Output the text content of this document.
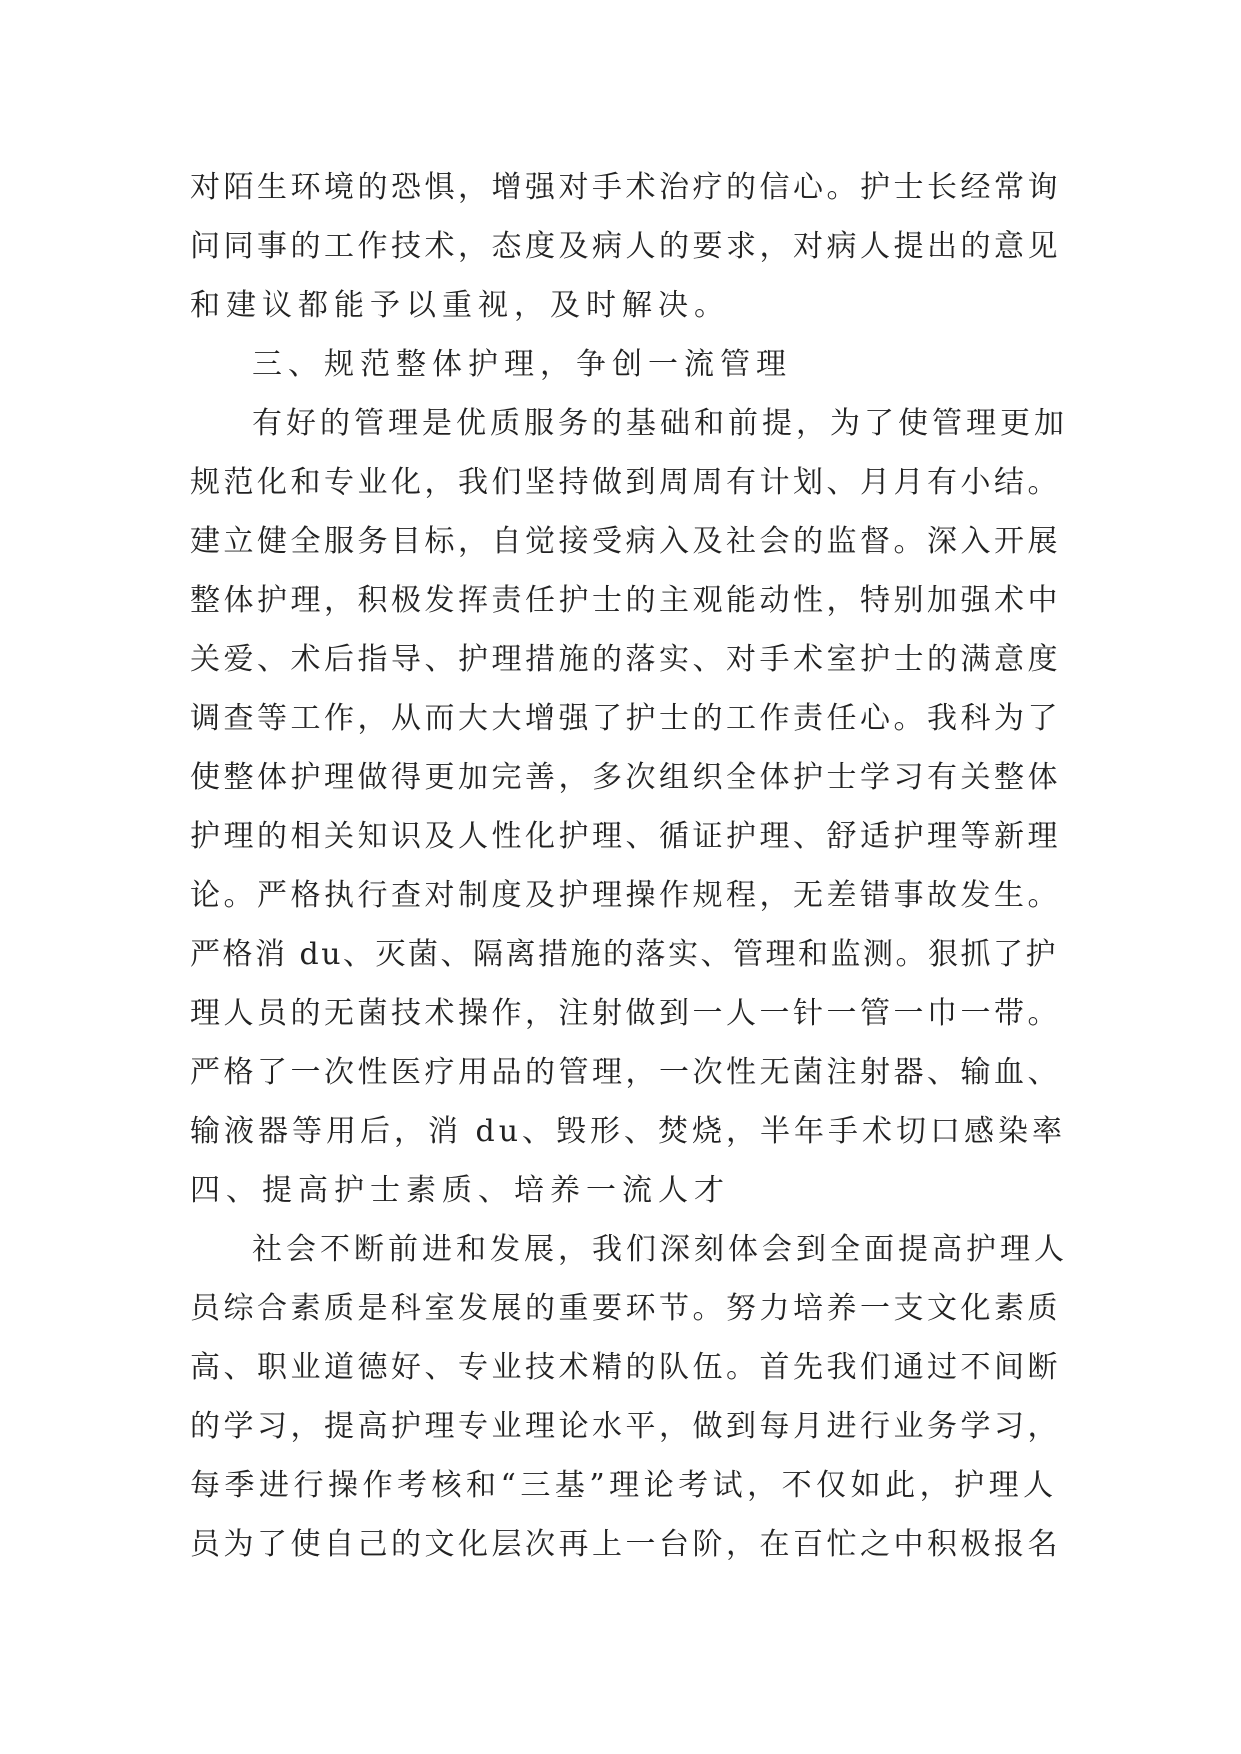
对陌生环境的恐惧，增强对手术治疗的信心。护士长经常询
问同事的工作技术，态度及病人的要求，对病人提出的意见
和建议都能予以重视，及时解决。
三、规范整体护理，争创一流管理
有好的管理是优质服务的基础和前提，为了使管理更加
规范化和专业化，我们坚持做到周周有计划、月月有小结。
建立健全服务目标，自觉接受病入及社会的监督。深入开展
整体护理，积极发挥责任护士的主观能动性，特别加强术中
关爱、术后指导、护理措施的落实、对手术室护士的满意度
调查等工作，从而大大增强了护士的工作责任心。我科为了
使整体护理做得更加完善，多次组织全体护士学习有关整体
护理的相关知识及人性化护理、循证护理、舒适护理等新理
论。严格执行查对制度及护理操作规程，无差错事故发生。
严格消 du、灭菌、隔离措施的落实、管理和监测。狠抓了护
理人员的无菌技术操作，注射做到一人一针一管一巾一带。
严格了一次性医疗用品的管理，一次性无菌注射器、输血、
输液器等用后，消 du、毁形、焚烧，半年手术切口感染率
四、提高护士素质、培养一流人才
社会不断前进和发展，我们深刻体会到全面提高护理人
员综合素质是科室发展的重要环节。努力培养一支文化素质
高、职业道德好、专业技术精的队伍。首先我们通过不间断
的学习，提高护理专业理论水平，做到每月进行业务学习，
每季进行操作考核和“三基”理论考试，不仅如此，护理人
员为了使自己的文化层次再上一台阶，在百忙之中积极报名
